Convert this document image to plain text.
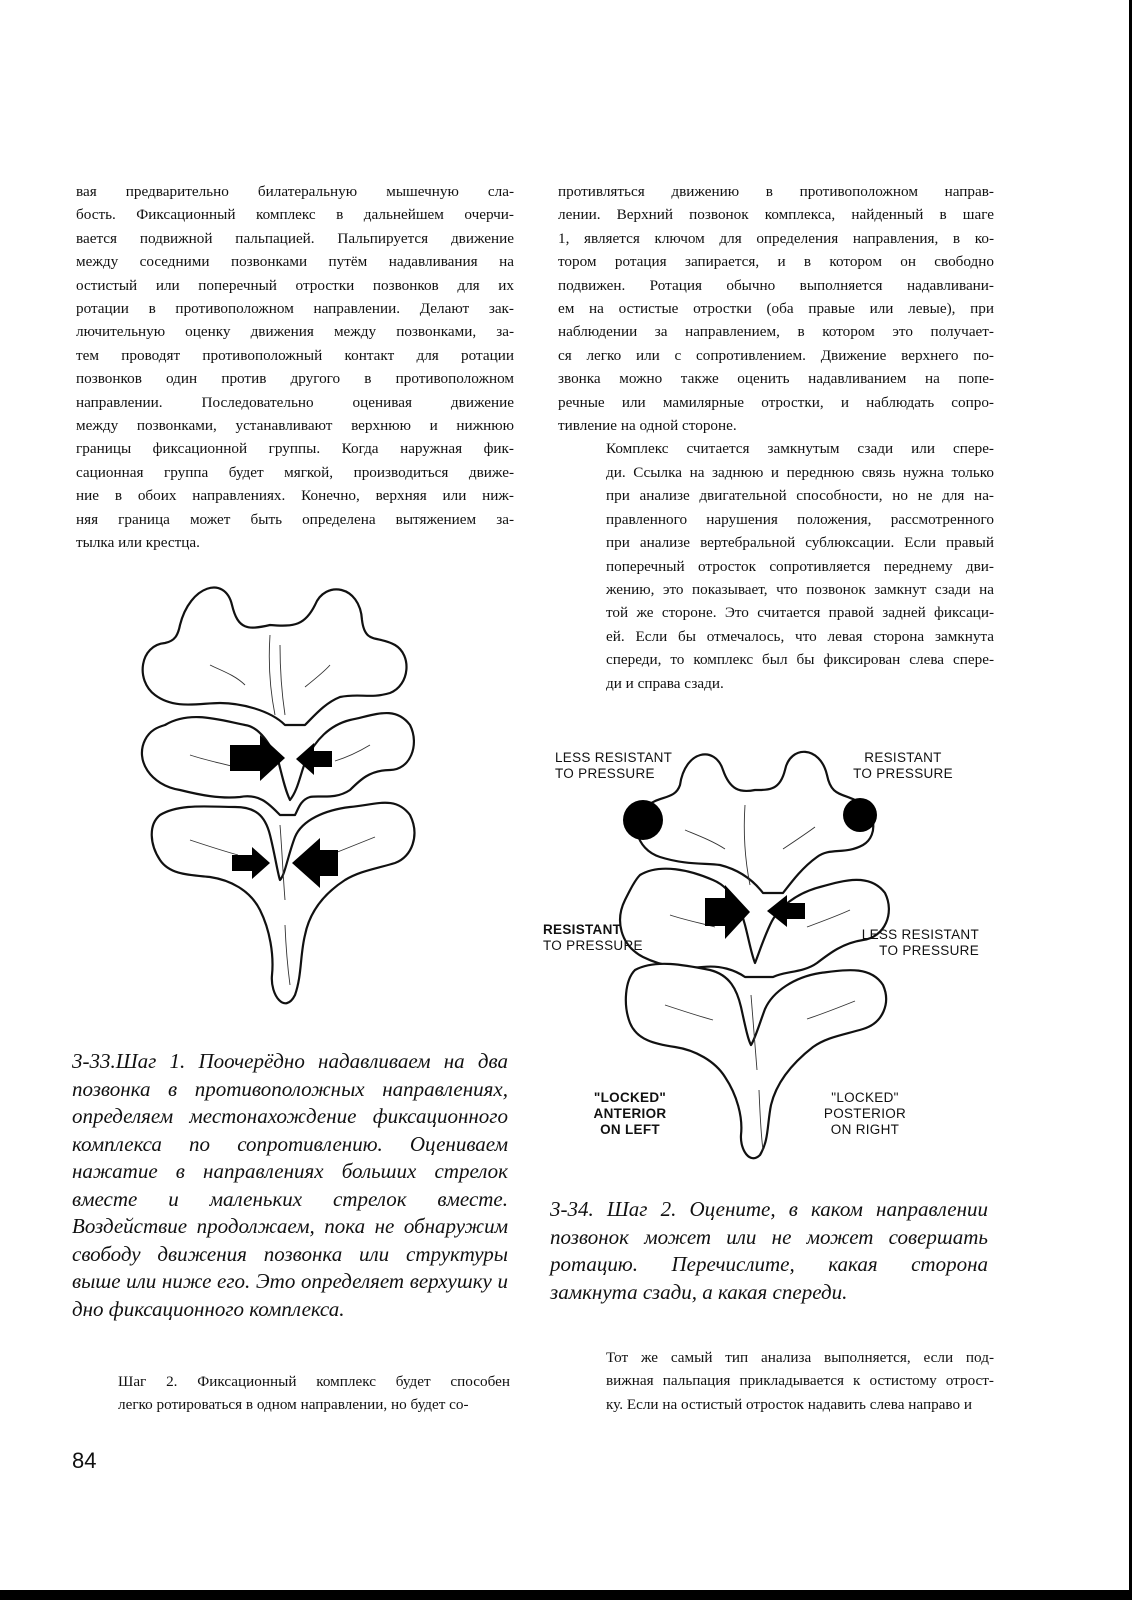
вая предварительно билатеральную мышечную сла-
бость. Фиксационный комплекс в дальнейшем очерчи-
вается подвижной пальпацией. Пальпируется движение
между соседними позвонками путём надавливания на
остистый или поперечный отростки позвонков для их
ротации в противоположном направлении. Делают зак-
лючительную оценку движения между позвонками, за-
тем проводят противоположный контакт для ротации
позвонков один против другого в противоположном
направлении. Последовательно оценивая движение
между позвонками, устанавливают верхнюю и нижнюю
границы фиксационной группы. Когда наружная фик-
сационная группа будет мягкой, производиться движе-
ние в обоих направлениях. Конечно, верхняя или ниж-
няя граница может быть определена вытяжением за-
тылка или крестца.

противляться движению в противоположном направ-
лении. Верхний позвонок комплекса, найденный в шаге
1, является ключом для определения направления, в ко-
тором ротация запирается, и в котором он свободно
подвижен. Ротация обычно выполняется надавливани-
ем на остистые отростки (оба правые или левые), при
наблюдении за направлением, в котором это получает-
ся легко или с сопротивлением. Движение верхнего по-
звонка можно также оценить надавливанием на попе-
речные или мамилярные отростки, и наблюдать сопро-
тивление на одной стороне.

Комплекс считается замкнутым сзади или спере-
ди. Ссылка на заднюю и переднюю связь нужна только
при анализе двигательной способности, но не для на-
правленного нарушения положения, рассмотренного
при анализе вертебральной сублюксации. Если правый
поперечный отросток сопротивляется переднему дви-
жению, это показывает, что позвонок замкнут сзади на
той же стороне. Это считается правой задней фиксаци-
ей. Если бы отмечалось, что левая сторона замкнута
спереди, то комплекс был бы фиксирован слева спере-
ди и справа сзади.

3-33.Шаг 1. Поочерёдно надавливаем на два позвонка в противоположных направлениях, определяем местонахождение фиксационного комплекса по сопротивлению. Оцениваем нажатие в направлениях больших стрелок вместе и маленьких стрелок вместе. Воздействие продолжаем, пока не обнаружим свободу движения позвонка или структуры выше или ниже его. Это определяет верхушку и дно фиксационного комплекса.
LESS RESISTANT
TO PRESSURE
RESISTANT
TO PRESSURE
RESISTANT
TO PRESSURE
LESS RESISTANT
TO PRESSURE
"LOCKED"
ANTERIOR
ON LEFT
"LOCKED"
POSTERIOR
ON RIGHT
3-34. Шаг 2. Оцените, в каком направлении позвонок может или не может совершать ротацию. Перечислите, какая сторона замкнута сзади, а какая спереди.

Шаг 2. Фиксационный комплекс будет способен
легко ротироваться в одном направлении, но будет со-

Тот же самый тип анализа выполняется, если под-
вижная пальпация прикладывается к остистому отрост-
ку. Если на остистый отросток надавить слева направо и

84
